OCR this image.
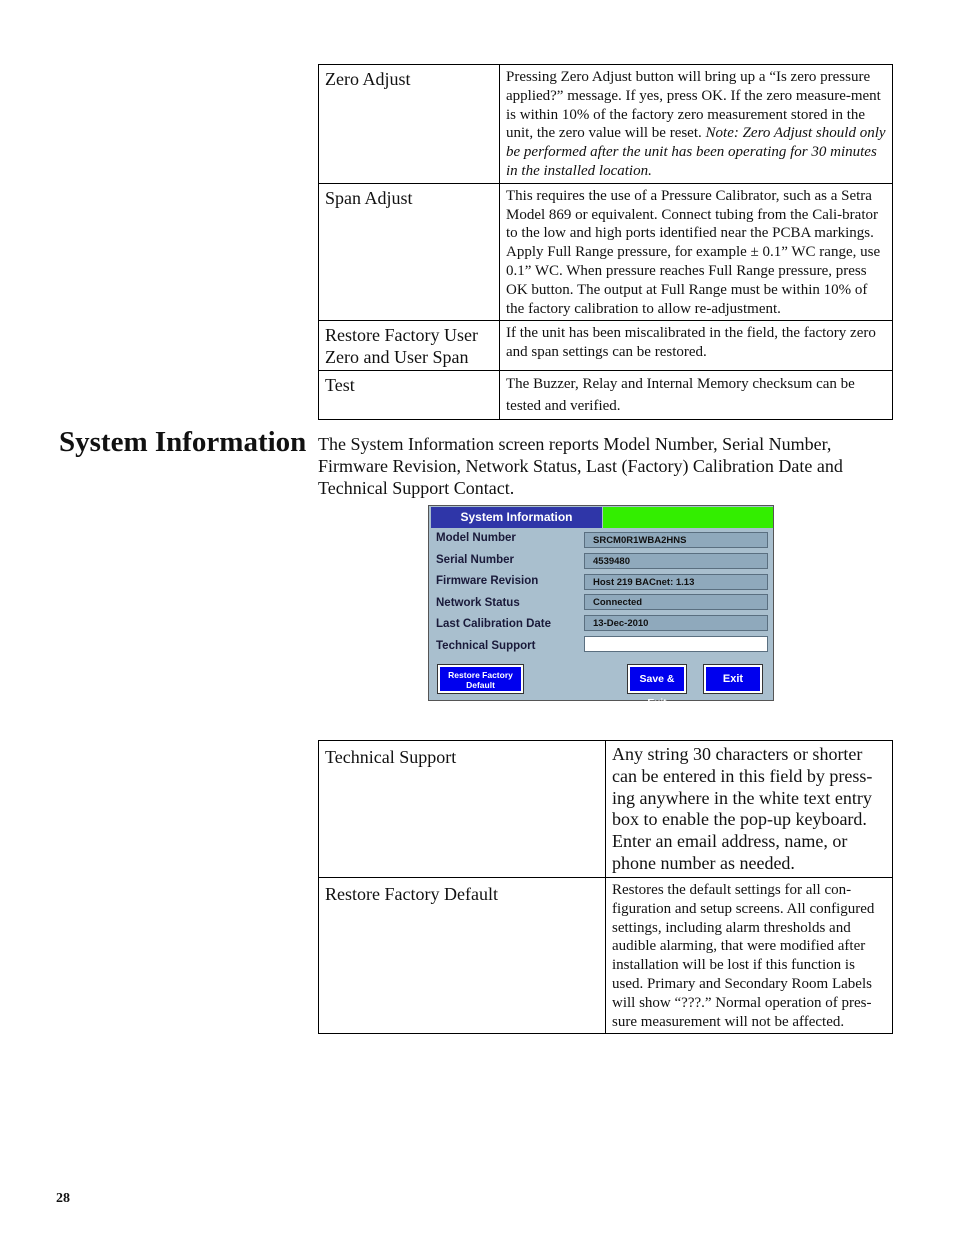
Zero Adjust	Pressing Zero Adjust button will bring up a “Is zero pressure applied?” message. If yes, press OK. If the zero measure-ment is within 10% of the factory zero measurement stored in the unit, the zero value will be reset. Note: Zero Adjust should only be performed after the unit has been operating for 30 minutes in the installed location.
Span Adjust	This requires the use of a Pressure Calibrator, such as a Setra Model 869 or equivalent. Connect tubing from the Cali-brator to the low and high ports identified near the PCBA markings. Apply Full Range pressure, for example ± 0.1” WC range, use 0.1” WC. When pressure reaches Full Range pressure, press OK button. The output at Full Range must be within 10% of the factory calibration to allow re-adjustment.
Restore Factory User Zero and User Span	If the unit has been miscalibrated in the field, the factory zero and span settings can be restored.
Test	The Buzzer, Relay and Internal Memory checksum can be tested and verified.
System Information The System Information screen reports Model Number, Serial Number, Firmware Revision, Network Status, Last (Factory) Calibration Date and Technical Support Contact.

System Information
Model Number	SRCM0R1WBA2HNS
Serial Number	4539480
Firmware Revision	Host 219 BACnet: 1.13
Network Status	Connected
Last Calibration Date	13-Dec-2010
Technical Support
Restore Factory
Default	Save & Exit
Exit
Technical Support	Any string 30 characters or shorter can be entered in this field by press-ing anywhere in the white text entry box to enable the pop-up keyboard. Enter an email address, name, or phone number as needed.
Restore Factory Default	Restores the default settings for all con-figuration and setup screens. All configured settings, including alarm thresholds and audible alarming, that were modified after installation will be lost if this function is used. Primary and Secondary Room Labels will show “???.” Normal operation of pres-sure measurement will not be affected.
28
